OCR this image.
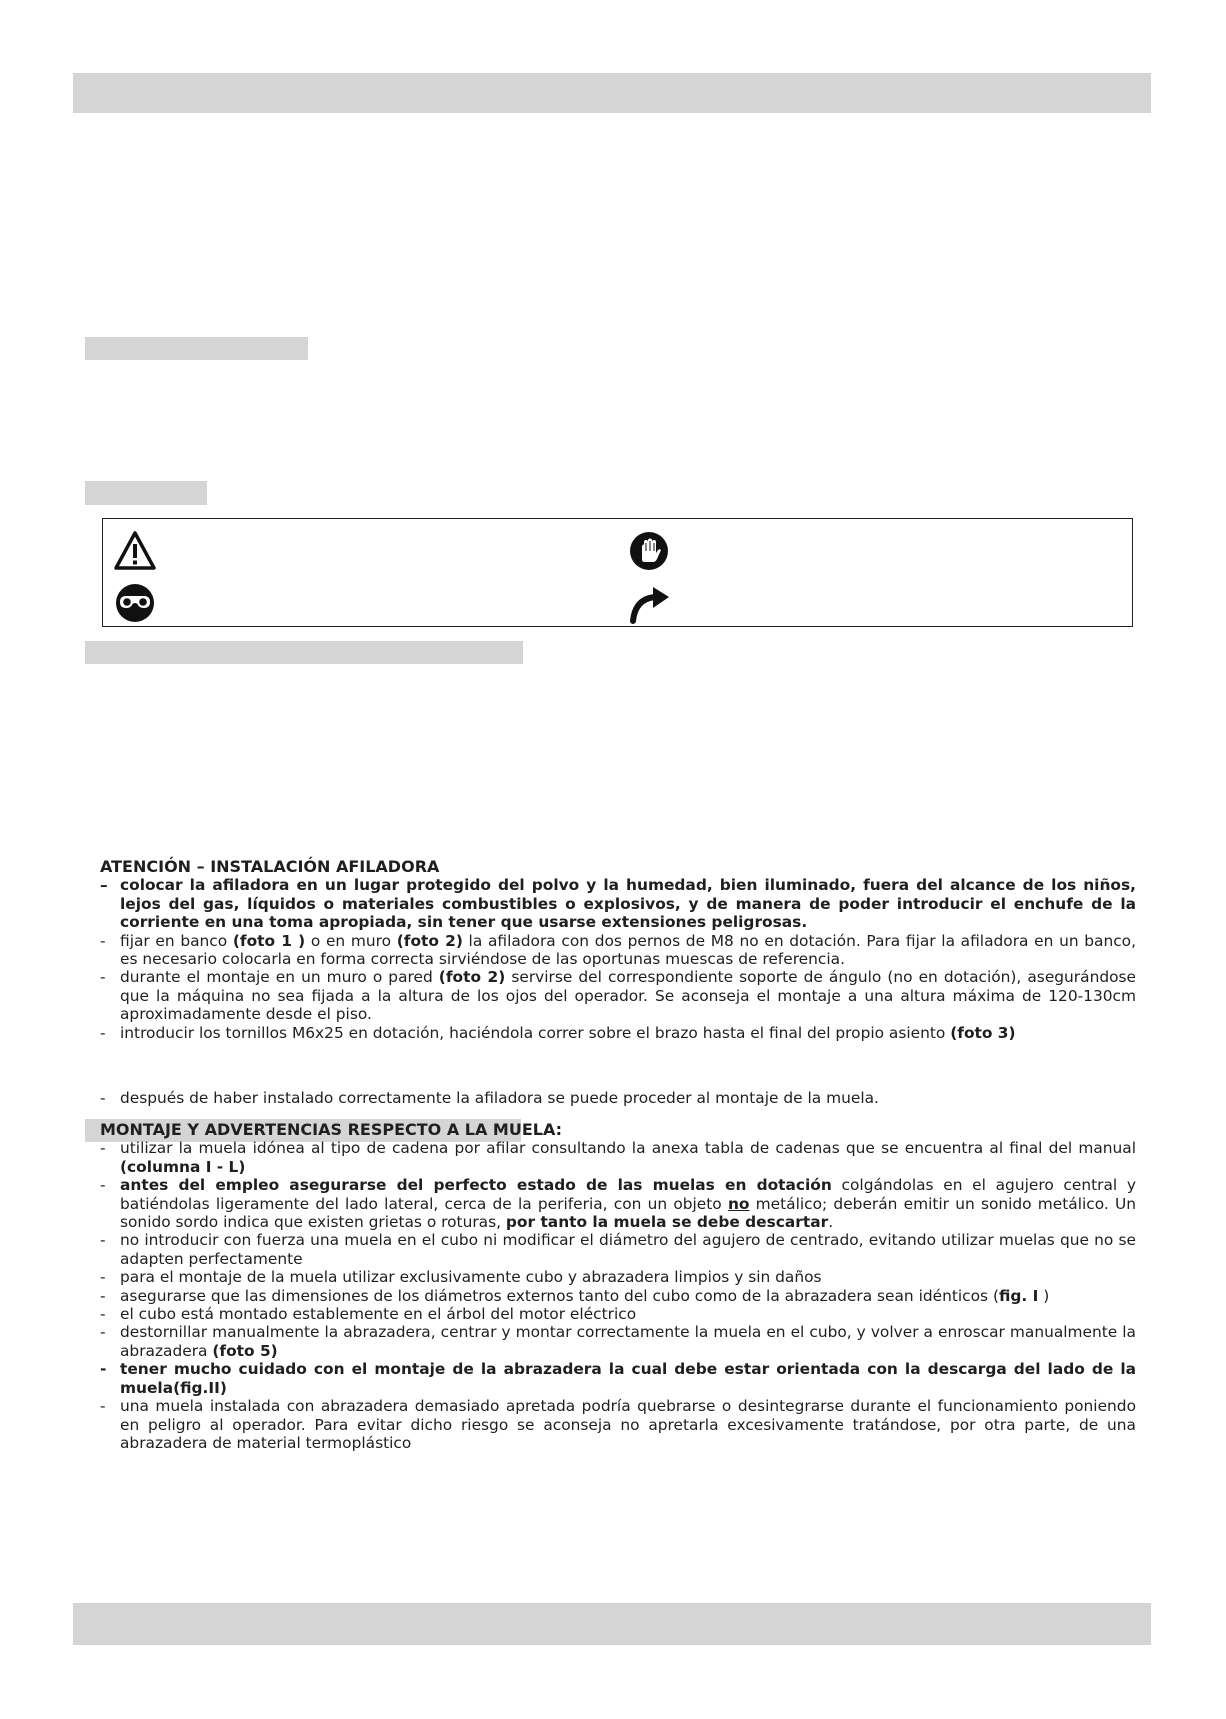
ATENCIÓN – INSTALACIÓN AFILADORA

– colocar la afiladora en un lugar protegido del polvo y la humedad, bien iluminado, fuera del alcance de los niños, lejos del gas, líquidos o materiales combustibles o explosivos, y de manera de poder introducir el enchufe de la corriente en una toma apropiada, sin tener que usarse extensiones peligrosas.

- fijar en banco (foto 1 ) o en muro (foto 2) la afiladora con dos pernos de M8 no en dotación. Para fijar la afiladora en un banco, es necesario colocarla en forma correcta sirviéndose de las oportunas muescas de referencia.

- durante el montaje en un muro o pared (foto 2) servirse del correspondiente soporte de ángulo (no en dotación), asegurándose que la máquina no sea fijada a la altura de los ojos del operador. Se aconseja el montaje a una altura máxima de 120-130cm aproximadamente desde el piso.

- introducir los tornillos M6x25 en dotación, haciéndola correr sobre el brazo hasta el final del propio asiento (foto 3)

- después de haber instalado correctamente la afiladora se puede proceder al montaje de la muela.

MONTAJE Y ADVERTENCIAS RESPECTO A LA MUELA:

- utilizar la muela idónea al tipo de cadena por afilar consultando la anexa tabla de cadenas que se encuentra al final del manual (columna I - L)

- antes del empleo asegurarse del perfecto estado de las muelas en dotación colgándolas en el agujero central y batiéndolas ligeramente del lado lateral, cerca de la periferia, con un objeto no metálico; deberán emitir un sonido metálico. Un sonido sordo indica que existen grietas o roturas, por tanto la muela se debe descartar.

- no introducir con fuerza una muela en el cubo ni modificar el diámetro del agujero de centrado, evitando utilizar muelas que no se adapten perfectamente

- para el montaje de la muela utilizar exclusivamente cubo y abrazadera limpios y sin daños

- asegurarse que las dimensiones de los diámetros externos tanto del cubo como de la abrazadera sean idénticos (fig. I )

- el cubo está montado establemente en el árbol del motor eléctrico

- destornillar manualmente la abrazadera, centrar y montar correctamente la muela en el cubo, y volver a enroscar manualmente la abrazadera (foto 5)

- tener mucho cuidado con el montaje de la abrazadera la cual debe estar orientada con la descarga del lado de la muela(fig.II)

- una muela instalada con abrazadera demasiado apretada podría quebrarse o desintegrarse durante el funcionamiento poniendo en peligro al operador. Para evitar dicho riesgo se aconseja no apretarla excesivamente tratándose, por otra parte, de una abrazadera de material termoplástico
